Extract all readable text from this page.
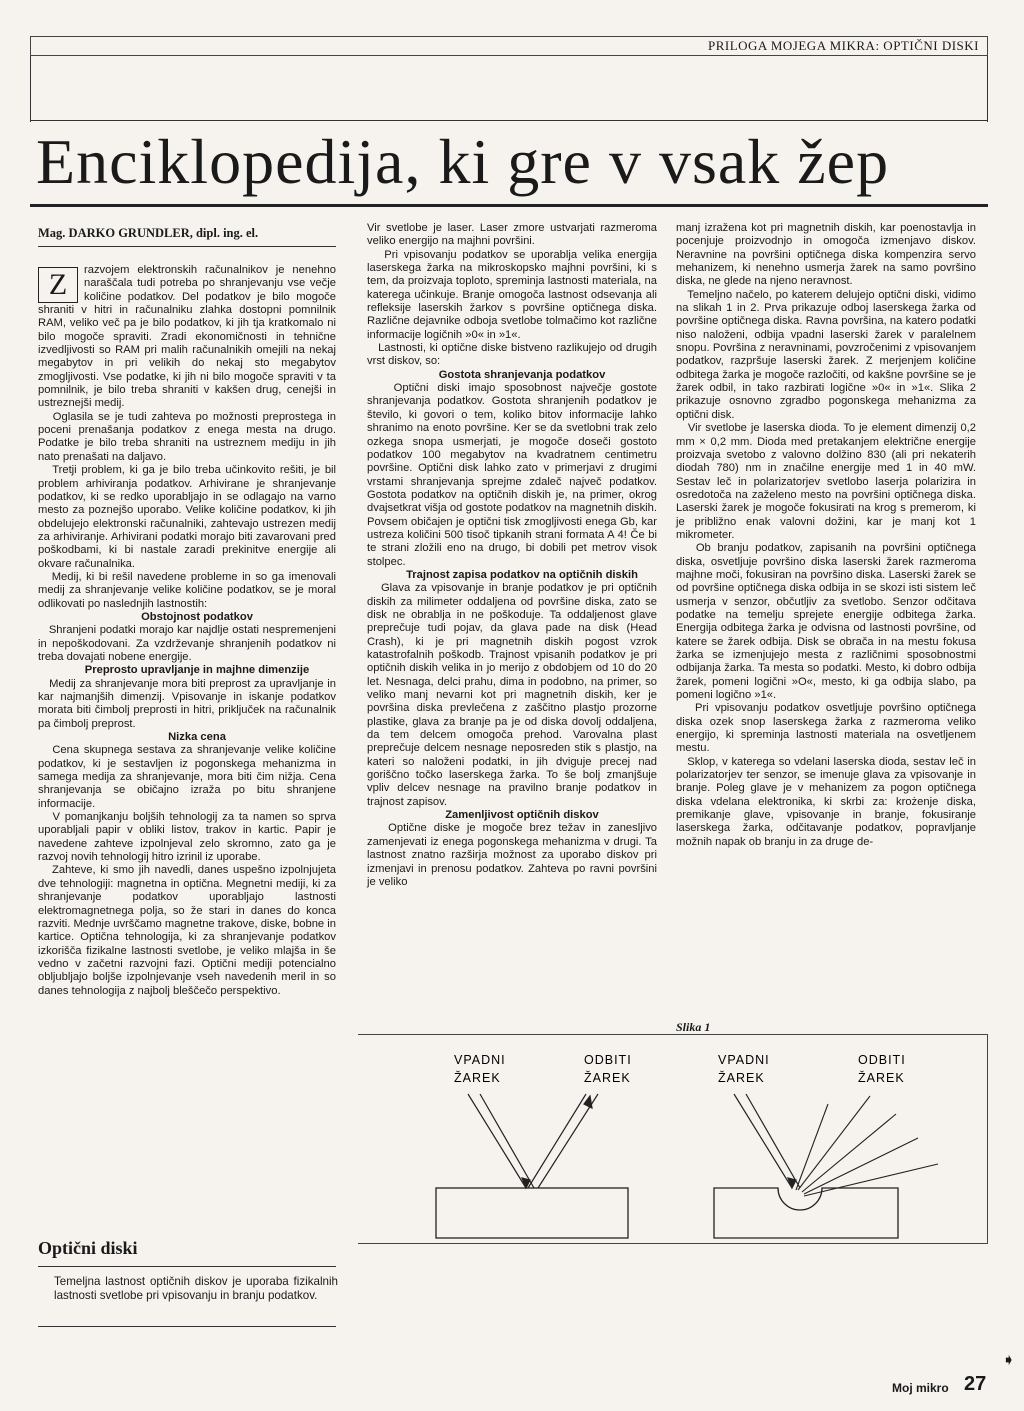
PRILOGA MOJEGA MIKRA: OPTIČNI DISKI
Enciklopedija, ki gre v vsak žep
Mag. DARKO GRUNDLER, dipl. ing. el.
Z	razvojem elektronskih računalnikov je nenehno naraščala tudi potreba po shranjevanju vse večje količine podatkov. Del podatkov je bilo mogoče shraniti v hitri in računalniku zlahka dostopni pomnilnik RAM, veliko več pa je bilo podatkov, ki jih tja kratkomalo ni bilo mogoče spraviti. Zradi ekonomičnosti in tehnične izvedljivosti so RAM pri malih računalnikih omejili na nekaj megabytov in pri velikih do nekaj sto megabytov zmogljivosti. Vse podatke, ki jih ni bilo mogoče spraviti v ta pomnilnik, je bilo treba shraniti v kakšen drug, cenejši in ustreznejši medij.
Oglasila se je tudi zahteva po možnosti preprostega in poceni prenašanja podatkov z enega mesta na drugo. Podatke je bilo treba shraniti na ustreznem mediju in jih nato prenašati na daljavo.
Tretji problem, ki ga je bilo treba učinkovito rešiti, je bil problem arhiviranja podatkov. Arhivirane je shranjevanje podatkov, ki se redko uporabljajo in se odlagajo na varno mesto za poznejšo uporabo. Velike količine podatkov, ki jih obdelujejo elektronski računalniki, zahtevajo ustrezen medij za arhiviranje. Arhivirani podatki morajo biti zavarovani pred poškodbami, ki bi nastale zaradi prekinitve energije ali okvare računalnika.
Medij, ki bi rešil navedene probleme in so ga imenovali medij za shranjevanje velike količine podatkov, se je moral odlikovati po naslednjih lastnostih:

Obstojnost podatkov
Shranjeni podatki morajo kar najdlje ostati nespremenjeni in nepoškodovani. Za vzdrževanje shranjenih podatkov ni treba dovajati nobene energije.

Preprosto upravljanje in majhne dimenzije
Medij za shranjevanje mora biti preprost za upravljanje in kar najmanjših dimenzij. Vpisovanje in iskanje podatkov morata biti čimbolj preprosti in hitri, priključek na računalnik pa čimbolj preprost.

Nizka cena
Cena skupnega sestava za shranjevanje velike količine podatkov, ki je sestavljen iz pogonskega mehanizma in samega medija za shranjevanje, mora biti čim nižja. Cena shranjevanja se običajno izraža po bitu shranjene informacije.
V pomanjkanju boljših tehnologij za ta namen so sprva uporabljali papir v obliki listov, trakov in kartic. Papir je navedene zahteve izpolnjeval zelo skromno, zato ga je razvoj novih tehnologij hitro izrinil iz uporabe.
Zahteve, ki smo jih navedli, danes uspešno izpolnjujeta dve tehnologiji: magnetna in optična. Megnetni mediji, ki za shranjevanje podatkov uporabljajo lastnosti elektromagnetnega polja, so že stari in danes do konca razviti. Mednje uvrščamo magnetne trakove, diske, bobne in kartice. Optična tehnologija, ki za shranjevanje podatkov izkorišča fizikalne lastnosti svetlobe, je veliko mlajša in še vedno v začetni razvojni fazi. Optični mediji potencialno obljubljajo boljše izpolnjevanje vseh navedenih meril in so danes tehnologija z najbolj bleščečo perspektivo.
Vir svetlobe je laser. Laser zmore ustvarjati razmeroma veliko energijo na majhni površini.
Pri vpisovanju podatkov se uporablja velika energija laserskega žarka na mikroskopsko majhni površini, ki s tem, da proizvaja toploto, spreminja lastnosti materiala, na katerega učinkuje. Branje omogoča lastnost odsevanja ali refleksije laserskih žarkov s površine optičnega diska. Različne dejavnike odboja svetlobe tolmačimo kot različne informacije logičnih »0« in »1«.
Lastnosti, ki optične diske bistveno razlikujejo od drugih vrst diskov, so:

Gostota shranjevanja podatkov
Optični diski imajo sposobnost največje gostote shranjevanja podatkov. Gostota shranjenih podatkov je število, ki govori o tem, koliko bitov informacije lahko shranimo na enoto površine. Ker se da svetlobni trak zelo ozkega snopa usmerjati, je mogoče doseči gostoto podatkov 100 megabytov na kvadratnem centimetru površine. Optični disk lahko zato v primerjavi z drugimi vrstami shranjevanja sprejme zdaleč največ podatkov. Gostota podatkov na optičnih diskih je, na primer, okrog dvajsetkrat višja od gostote podatkov na magnetnih diskih. Povsem običajen je optični tisk zmogljivosti enega Gb, kar ustreza količini 500 tisoč tipkanih strani formata A 4! Če bi te strani zložili eno na drugo, bi dobili pet metrov visok stolpec.

Trajnost zapisa podatkov na optičnih diskih
Glava za vpisovanje in branje podatkov je pri optičnih diskih za milimeter oddaljena od površine diska, zato se disk ne obrablja in ne poškoduje. Ta oddaljenost glave preprečuje tudi pojav, da glava pade na disk (Head Crash), ki je pri magnetnih diskih pogost vzrok katastrofalnih poškodb. Trajnost vpisanih podatkov je pri optičnih diskih velika in jo merijo z obdobjem od 10 do 20 let. Nesnaga, delci prahu, dima in podobno, na primer, so veliko manj nevarni kot pri magnetnih diskih, ker je površina diska prevlečena z zaščitno plastjo prozorne plastike, glava za branje pa je od diska dovolj oddaljena, da tem delcem omogoča prehod. Varovalna plast preprečuje delcem nesnage neposreden stik s plastjo, na kateri so naloženi podatki, in jih dviguje precej nad goriščno točko laserskega žarka. To še bolj zmanjšuje vpliv delcev nesnage na pravilno branje podatkov in trajnost zapisov.

Zamenljivost optičnih diskov
Optične diske je mogoče brez težav in zanesljivo zamenjevati iz enega pogonskega mehanizma v drugi. Ta lastnost znatno razširja možnost za uporabo diskov pri izmenjavi in prenosu podatkov. Zahteva po ravni površini je veliko
manj izražena kot pri magnetnih diskih, kar poenostavlja in pocenjuje proizvodnjo in omogoča izmenjavo diskov. Neravnine na površini optičnega diska kompenzira servo mehanizem, ki nenehno usmerja žarek na samo površino diska, ne glede na njeno neravnost.
Temeljno načelo, po katerem delujejo optični diski, vidimo na slikah 1 in 2. Prva prikazuje odboj laserskega žarka od površine optičnega diska. Ravna površina, na katero podatki niso naloženi, odbija vpadni laserski žarek v paralelnem snopu. Površina z neravninami, povzročenimi z vpisovanjem podatkov, razpršuje laserski žarek. Z merjenjem količine odbitega žarka je mogoče razločiti, od kakšne površine se je žarek odbil, in tako razbirati logične »0« in »1«. Slika 2 prikazuje osnovno zgradbo pogonskega mehanizma za optični disk.
Vir svetlobe je laserska dioda. To je element dimenzij 0,2 mm × 0,2 mm. Dioda med pretakanjem električne energije proizvaja svetobo z valovno dolžino 830 (ali pri nekaterih diodah 780) nm in značilne energije med 1 in 40 mW. Sestav leč in polarizatorjev svetlobo laserja polarizira in osredotoča na zaželeno mesto na površini optičnega diska. Laserski žarek je mogoče fokusirati na krog s premerom, ki je približno enak valovni dožini, kar je manj kot 1 mikrometer.
Ob branju podatkov, zapisanih na površini optičnega diska, osvetljuje površino diska laserski žarek razmeroma majhne moči, fokusiran na površino diska. Laserski žarek se od površine optičnega diska odbija in se skozi isti sistem leč usmerja v senzor, občutljiv za svetlobo. Senzor odčitava podatke na temelju sprejete energije odbitega žarka. Energija odbitega žarka je odvisna od lastnosti površine, od katere se žarek odbija. Disk se obrača in na mestu fokusa žarka se izmenjujejo mesta z različnimi sposobnostmi odbijanja žarka. Ta mesta so podatki. Mesto, ki dobro odbija žarek, pomeni logični »O«, mesto, ki ga odbija slabo, pa pomeni logično »1«.
Pri vpisovanju podatkov osvetljuje površino optičnega diska ozek snop laserskega žarka z razmeroma veliko energijo, ki spreminja lastnosti materiala na osvetljenem mestu.
Sklop, v katerega so vdelani laserska dioda, sestav leč in polarizatorjev ter senzor, se imenuje glava za vpisovanje in branje. Poleg glave je v mehanizem za pogon optičnega diska vdelana elektronika, ki skrbi za: krożenje diska, premikanje glave, vpisovanje in branje, fokusiranje laserskega žarka, odčitavanje podatkov, popravljanje možnih napak ob branju in za druge de-
Slika 1
VPADNI
ŽAREK
ODBITI
ŽAREK
VPADNI
ŽAREK
ODBITI
ŽAREK
Optični diski
Temeljna lastnost optičnih diskov je uporaba fizikalnih lastnosti svetlobe pri vpisovanju in branju podatkov.
➧
Moj mikro 27
